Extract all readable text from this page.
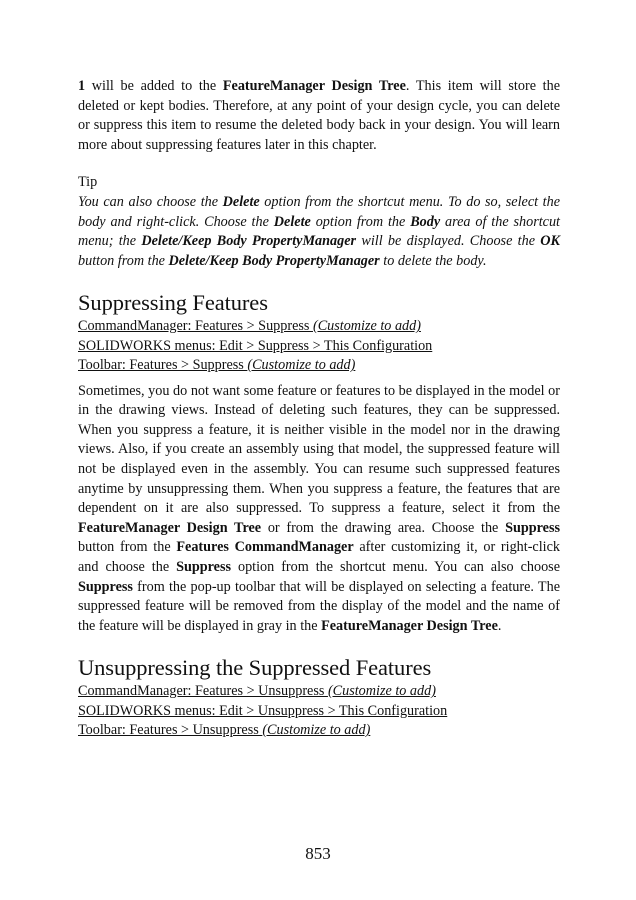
1 will be added to the FeatureManager Design Tree. This item will store the deleted or kept bodies. Therefore, at any point of your design cycle, you can delete or suppress this item to resume the deleted body back in your design. You will learn more about suppressing features later in this chapter.

Tip

You can also choose the Delete option from the shortcut menu. To do so, select the body and right-click. Choose the Delete option from the Body area of the shortcut menu; the Delete/Keep Body PropertyManager will be displayed. Choose the OK button from the Delete/Keep Body PropertyManager to delete the body.

Suppressing Features
CommandManager: Features > Suppress (Customize to add)
SOLIDWORKS menus: Edit > Suppress > This Configuration
Toolbar: Features > Suppress (Customize to add)

Sometimes, you do not want some feature or features to be displayed in the model or in the drawing views. Instead of deleting such features, they can be suppressed. When you suppress a feature, it is neither visible in the model nor in the drawing views. Also, if you create an assembly using that model, the suppressed feature will not be displayed even in the assembly. You can resume such suppressed features anytime by unsuppressing them. When you suppress a feature, the features that are dependent on it are also suppressed. To suppress a feature, select it from the FeatureManager Design Tree or from the drawing area. Choose the Suppress button from the Features CommandManager after customizing it, or right-click and choose the Suppress option from the shortcut menu. You can also choose Suppress from the pop-up toolbar that will be displayed on selecting a feature. The suppressed feature will be removed from the display of the model and the name of the feature will be displayed in gray in the FeatureManager Design Tree.

Unsuppressing the Suppressed Features
CommandManager: Features > Unsuppress (Customize to add)
SOLIDWORKS menus: Edit > Unsuppress > This Configuration
Toolbar: Features > Unsuppress (Customize to add)
853
